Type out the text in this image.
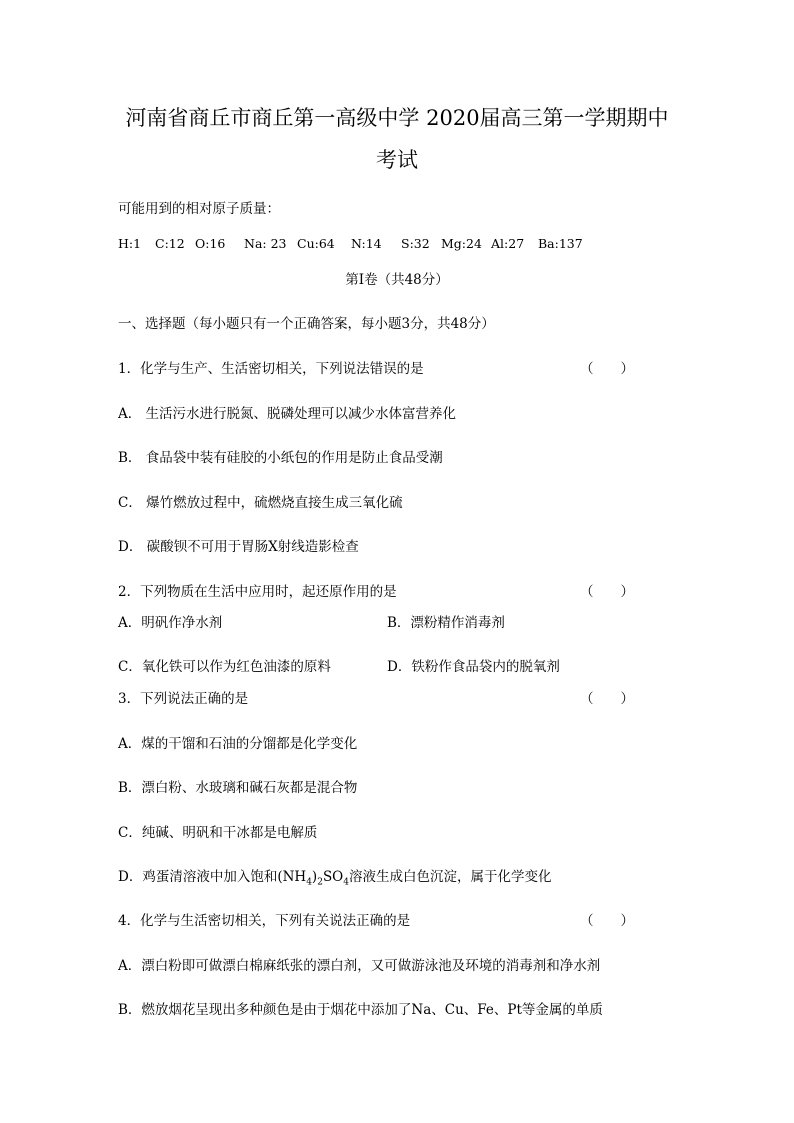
河南省商丘市商丘第一高级中学 2020届高三第一学期期中
考试
可能用到的相对原子质量：
H:1 C:12 O:16 Na: 23 Cu:64 N:14 S:32 Mg:24 Al:27 Ba:137
第I卷（共48分）
一、选择题（每小题只有一个正确答案，每小题3分，共48分）
1．化学与生产、生活密切相关，下列说法错误的是	（　　）
A． 生活污水进行脱氮、脱磷处理可以减少水体富营养化
B． 食品袋中装有硅胶的小纸包的作用是防止食品受潮
C． 爆竹燃放过程中，硫燃烧直接生成三氧化硫
D． 碳酸钡不可用于胃肠X射线造影检查
2．下列物质在生活中应用时，起还原作用的是	（　　）
A．明矾作净水剂	B．漂粉精作消毒剂
C．氧化铁可以作为红色油漆的原料	D．铁粉作食品袋内的脱氧剂
3．下列说法正确的是	（　　）
A．煤的干馏和石油的分馏都是化学变化
B．漂白粉、水玻璃和碱石灰都是混合物
C．纯碱、明矾和干冰都是电解质
D．鸡蛋清溶液中加入饱和$(NH_4)_2SO_4$溶液生成白色沉淀，属于化学变化
4．化学与生活密切相关，下列有关说法正确的是	（　　）
A．漂白粉即可做漂白棉麻纸张的漂白剂，又可做游泳池及环境的消毒剂和净水剂
B．燃放烟花呈现出多种颜色是由于烟花中添加了Na、Cu、Fe、Pt等金属的单质
